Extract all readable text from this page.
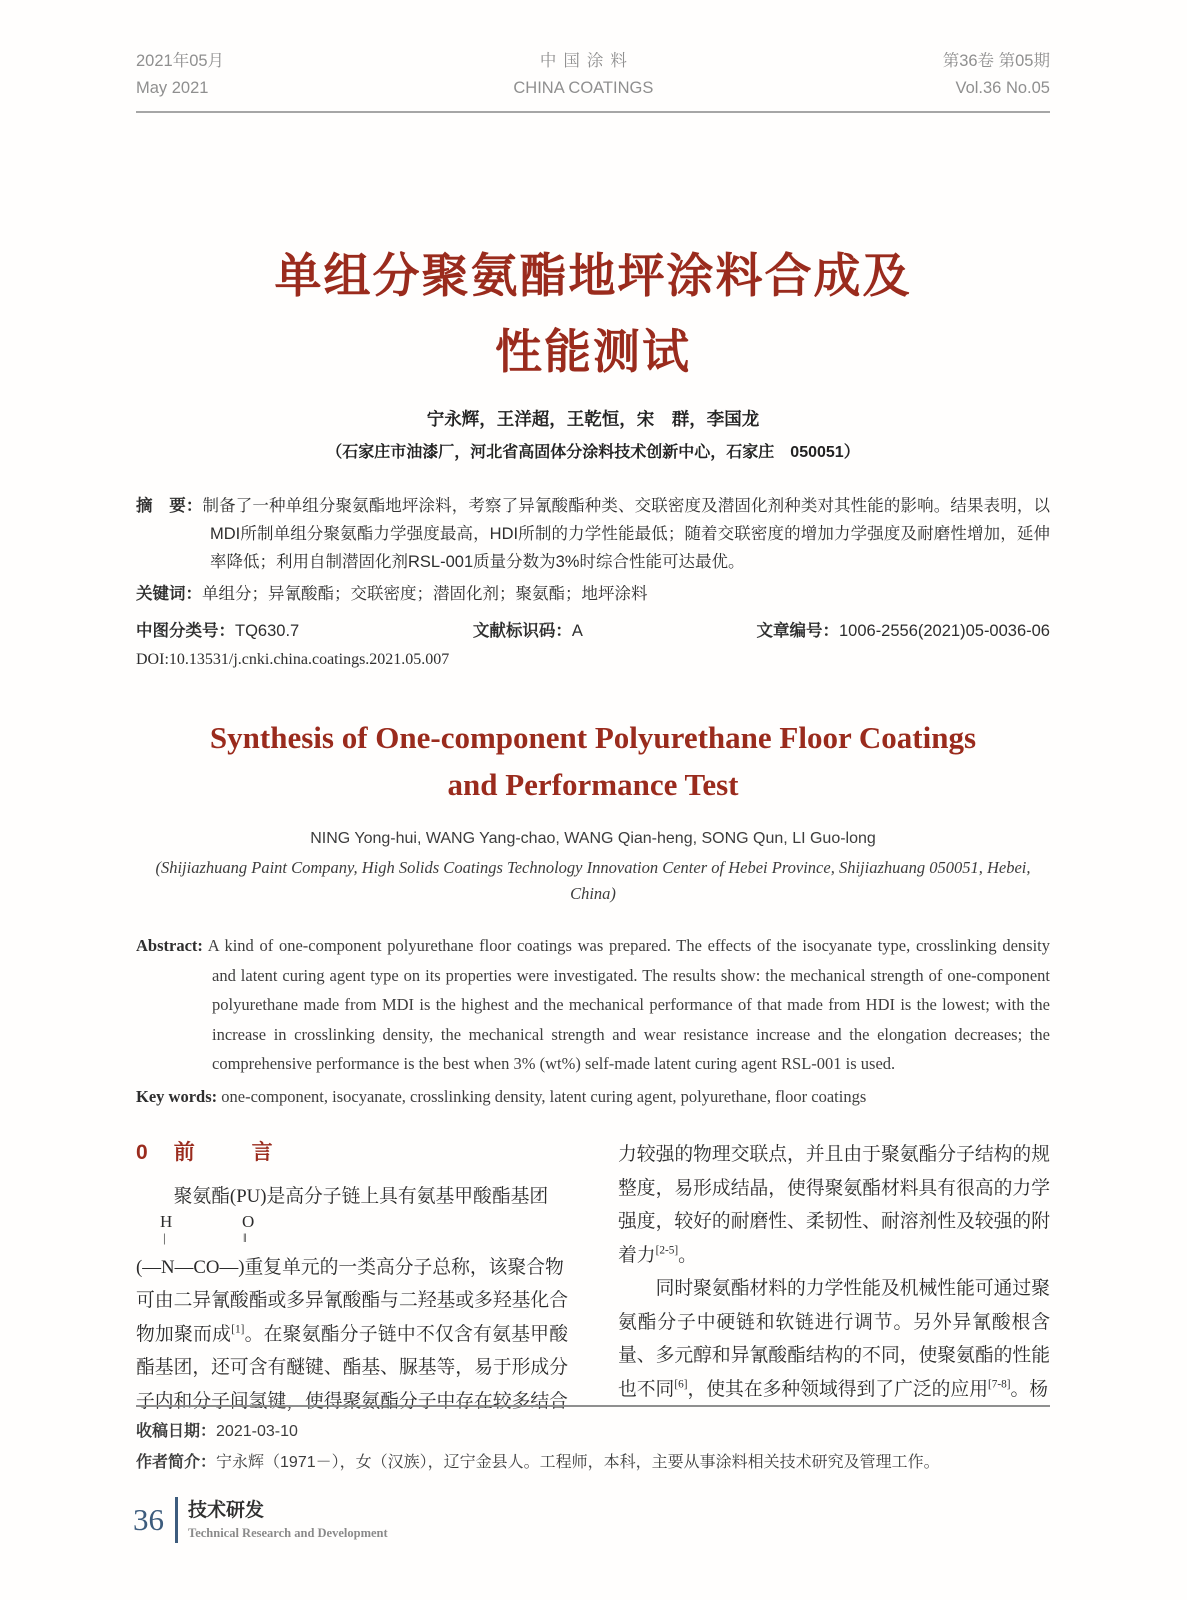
2021年05月
May 2021
中国涂料
CHINA COATINGS
第36卷 第05期
Vol.36 No.05
单组分聚氨酯地坪涂料合成及
性能测试
宁永辉，王洋超，王乾恒，宋　群，李国龙
（石家庄市油漆厂，河北省高固体分涂料技术创新中心，石家庄　050051）

摘　要：制备了一种单组分聚氨酯地坪涂料，考察了异氰酸酯种类、交联密度及潜固化剂种类对其性能的影响。结果表明，以MDI所制单组分聚氨酯力学强度最高，HDI所制的力学性能最低；随着交联密度的增加力学强度及耐磨性增加，延伸率降低；利用自制潜固化剂RSL-001质量分数为3%时综合性能可达最优。

关键词：单组分；异氰酸酯；交联密度；潜固化剂；聚氨酯；地坪涂料

中图分类号：TQ630.7	文献标识码：A	文章编号：1006-2556(2021)05-0036-06
DOI:10.13531/j.cnki.china.coatings.2021.05.007
Synthesis of One-component Polyurethane Floor Coatings
and Performance Test
NING Yong-hui, WANG Yang-chao, WANG Qian-heng, SONG Qun, LI Guo-long
(Shijiazhuang Paint Company, High Solids Coatings Technology Innovation Center of Hebei Province, Shijiazhuang 050051, Hebei, China)

Abstract: A kind of one-component polyurethane floor coatings was prepared. The effects of the isocyanate type, crosslinking density and latent curing agent type on its properties were investigated. The results show: the mechanical strength of one-component polyurethane made from MDI is the highest and the mechanical performance of that made from HDI is the lowest; with the increase in crosslinking density, the mechanical strength and wear resistance increase and the elongation decreases; the comprehensive performance is the best when 3% (wt%) self-made latent curing agent RSL-001 is used.

Key words: one-component, isocyanate, crosslinking density, latent curing agent, polyurethane, floor coatings

0 前　言

聚氨酯(PU)是高分子链上具有氨基甲酸酯基团

H	O
|	‖

(—N—CO—)重复单元的一类高分子总称，该聚合物

可由二异氰酸酯或多异氰酸酯与二羟基或多羟基化合物加聚而成[1]。在聚氨酯分子链中不仅含有氨基甲酸酯基团，还可含有醚键、酯基、脲基等，易于形成分子内和分子间氢键，使得聚氨酯分子中存在较多结合

力较强的物理交联点，并且由于聚氨酯分子结构的规整度，易形成结晶，使得聚氨酯材料具有很高的力学强度，较好的耐磨性、柔韧性、耐溶剂性及较强的附着力[2-5]。

同时聚氨酯材料的力学性能及机械性能可通过聚氨酯分子中硬链和软链进行调节。另外异氰酸根含量、多元醇和异氰酸酯结构的不同，使聚氨酯的性能也不同[6]，使其在多种领域得到了广泛的应用[7-8]。杨

收稿日期：2021-03-10

作者简介：宁永辉（1971－），女（汉族），辽宁金县人。工程师，本科，主要从事涂料相关技术研究及管理工作。

36 技术研发
Technical Research and Development
